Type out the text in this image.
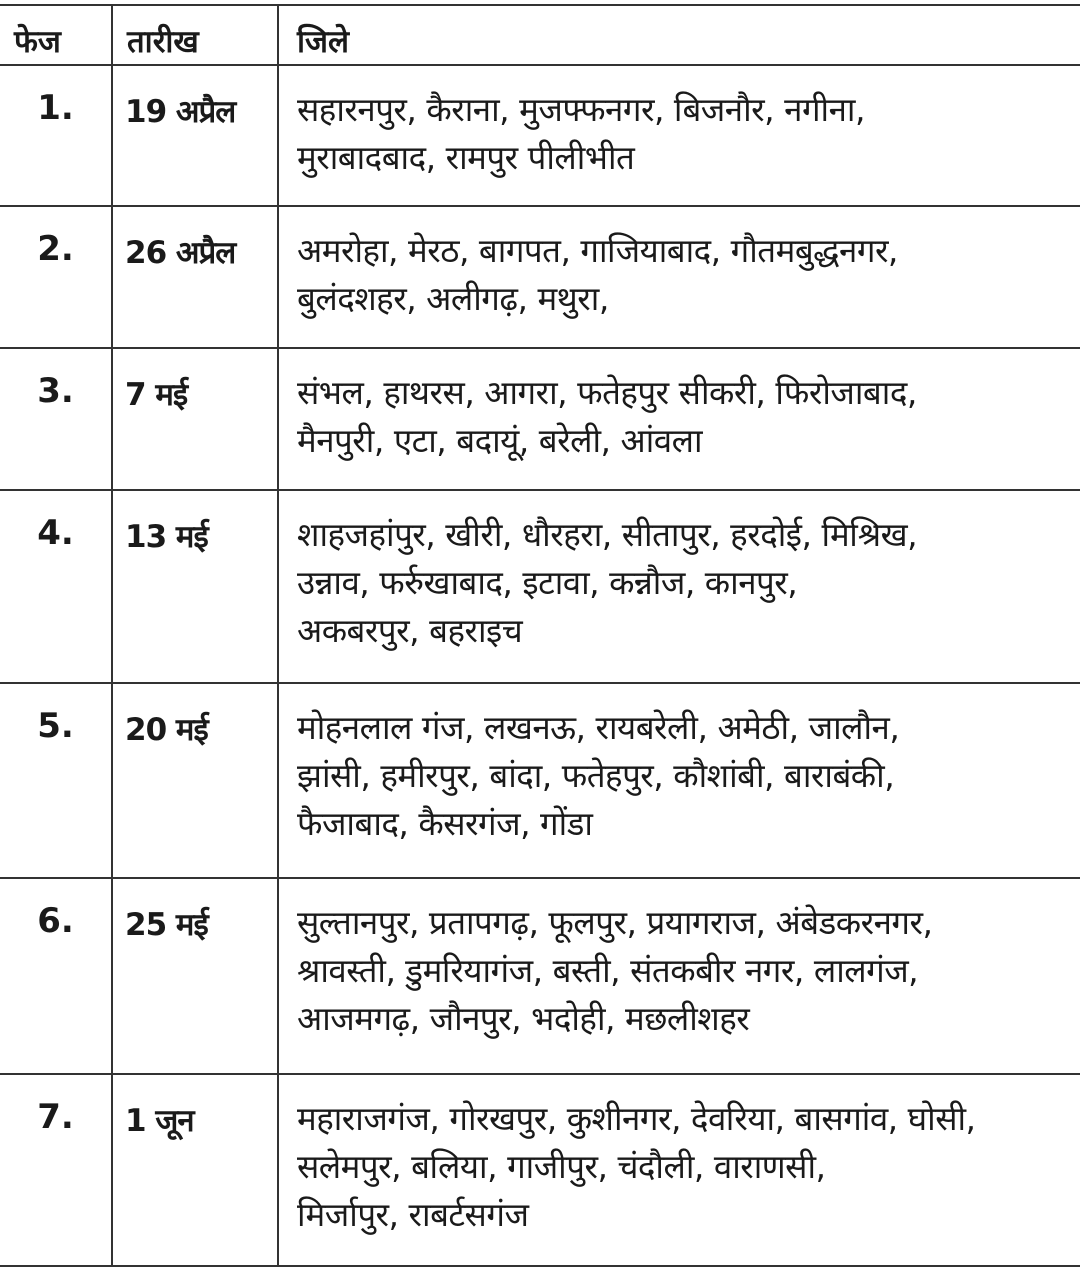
फेज	तारीख	जिले
1.	19 अप्रैल	सहारनपुर, कैराना, मुजफ्फनगर, बिजनौर, नगीना,
मुराबादबाद, रामपुर पीलीभीत

2.	26 अप्रैल	अमरोहा, मेरठ, बागपत, गाजियाबाद, गौतमबुद्धनगर,
बुलंदशहर, अलीगढ़, मथुरा,

3.	7 मई	संभल, हाथरस, आगरा, फतेहपुर सीकरी, फिरोजाबाद,
मैनपुरी, एटा, बदायूं, बरेली, आंवला

4.	13 मई	शाहजहांपुर, खीरी, धौरहरा, सीतापुर, हरदोई, मिश्रिख,
उन्नाव, फर्रुखाबाद, इटावा, कन्नौज, कानपुर,
अकबरपुर, बहराइच

5.	20 मई	मोहनलाल गंज, लखनऊ, रायबरेली, अमेठी, जालौन,
झांसी, हमीरपुर, बांदा, फतेहपुर, कौशांबी, बाराबंकी,
फैजाबाद, कैसरगंज, गोंडा

6.	25 मई	सुल्तानपुर, प्रतापगढ़, फूलपुर, प्रयागराज, अंबेडकरनगर,
श्रावस्ती, डुमरियागंज, बस्ती, संतकबीर नगर, लालगंज,
आजमगढ़, जौनपुर, भदोही, मछलीशहर

7.	1 जून	महाराजगंज, गोरखपुर, कुशीनगर, देवरिया, बासगांव, घोसी,
सलेमपुर, बलिया, गाजीपुर, चंदौली, वाराणसी,
मिर्जापुर, राबर्टसगंज
